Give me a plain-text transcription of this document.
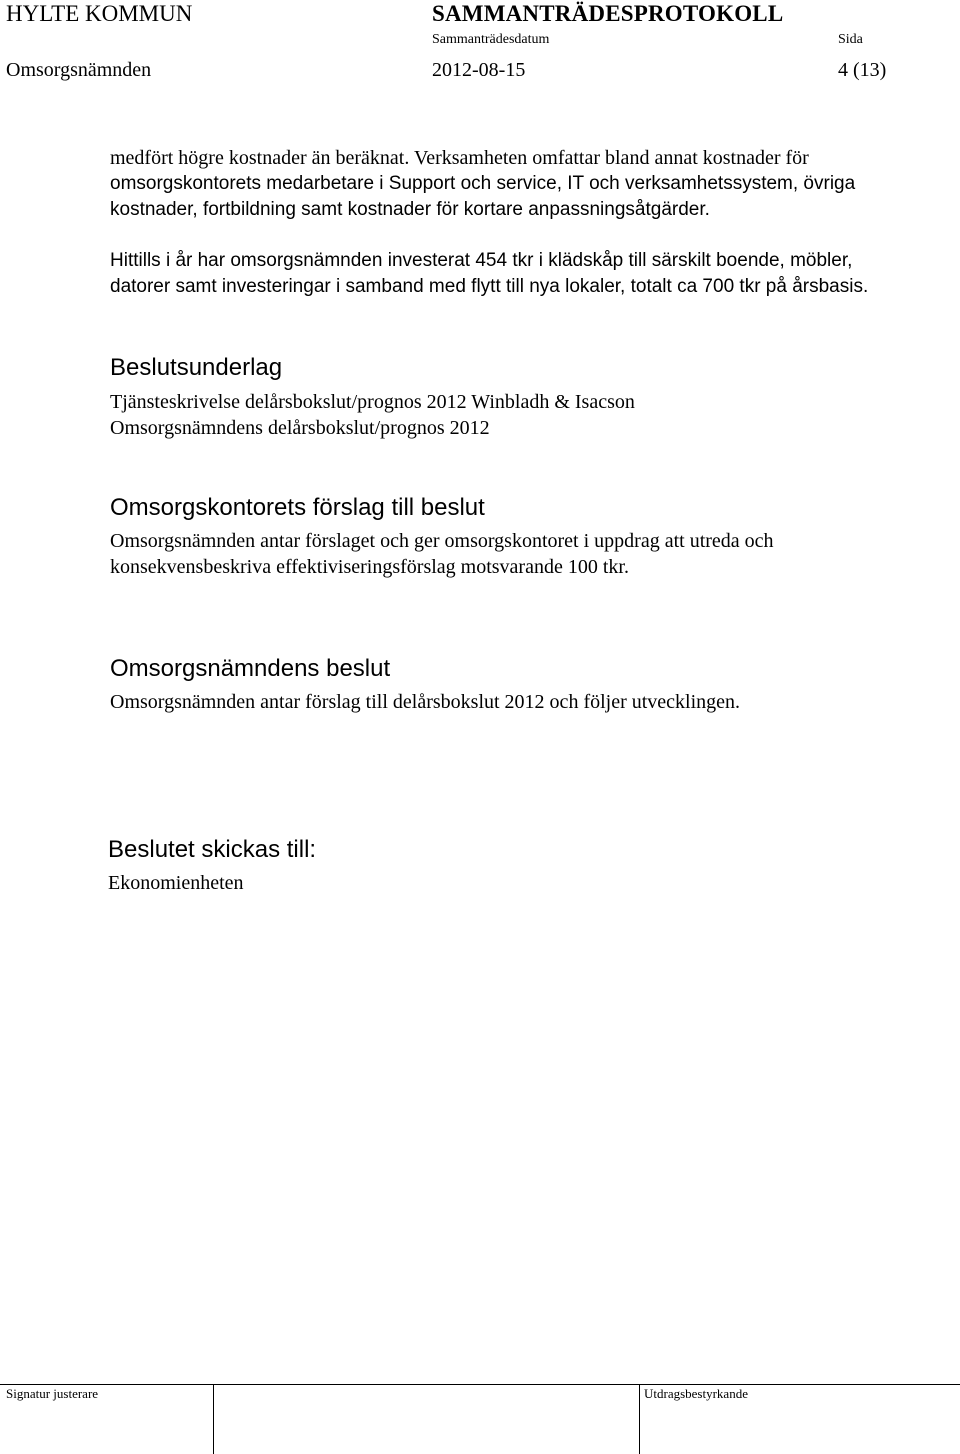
HYLTE KOMMUN	SAMMANTRÄDESPROTOKOLL
Sammanträdesdatum	Sida
Omsorgsnämnden	2012-08-15	4 (13)
medfört högre kostnader än beräknat. Verksamheten omfattar bland annat kostnader för
omsorgskontorets medarbetare i Support och service, IT och verksamhetssystem, övriga
kostnader, fortbildning samt kostnader för kortare anpassningsåtgärder.
Hittills i år har omsorgsnämnden investerat 454 tkr i klädskåp till särskilt boende, möbler,
datorer samt investeringar i samband med flytt till nya lokaler, totalt ca 700 tkr på årsbasis.
Beslutsunderlag
Tjänsteskrivelse delårsbokslut/prognos 2012 Winbladh & Isacson
Omsorgsnämndens delårsbokslut/prognos 2012
Omsorgskontorets förslag till beslut
Omsorgsnämnden antar förslaget och ger omsorgskontoret i uppdrag att utreda och
konsekvensbeskriva effektiviseringsförslag motsvarande 100 tkr.
Omsorgsnämndens beslut
Omsorgsnämnden antar förslag till delårsbokslut 2012 och följer utvecklingen.
Beslutet skickas till:
Ekonomienheten
Signatur justerare	Utdragsbestyrkande
